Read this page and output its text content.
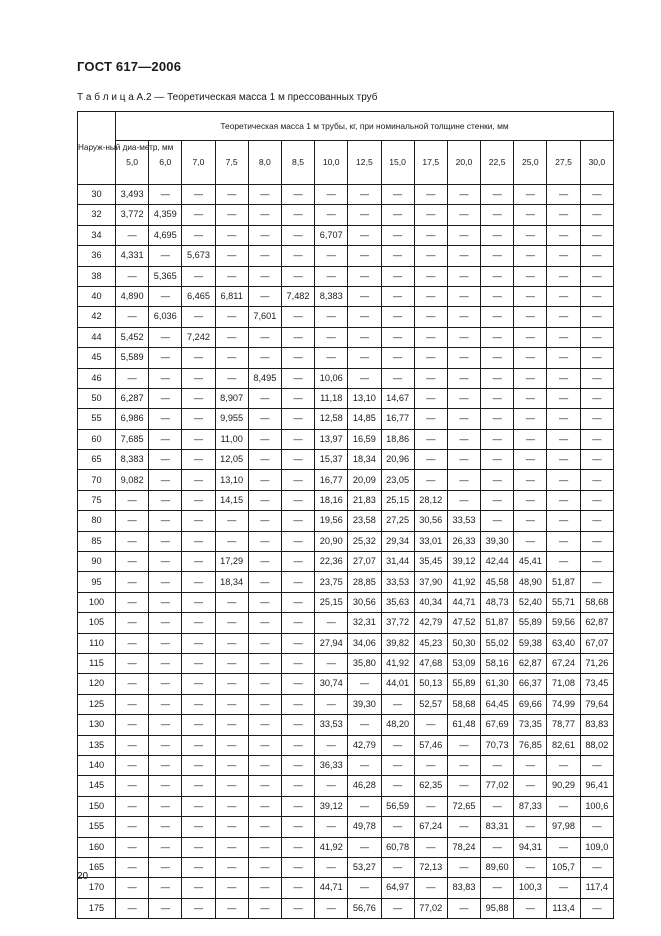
ГОСТ 617—2006
Т а б л и ц а А.2 — Теоретическая масса 1 м прессованных труб
Наруж-ный диа-метр, мм	Теоретическая масса 1 м трубы, кг, при номинальной толщине стенки, мм														
	5,0	6,0	7,0	7,5	8,0	8,5	10,0	12,5	15,0	17,5	20,0	22,5	25,0	27,5	30,0
30	3,493	—	—	—	—	—	—	—	—	—	—	—	—	—	—
32	3,772	4,359	—	—	—	—	—	—	—	—	—	—	—	—	—
34	—	4,695	—	—	—	—	6,707	—	—	—	—	—	—	—	—
36	4,331	—	5,673	—	—	—	—	—	—	—	—	—	—	—	—
38	—	5,365	—	—	—	—	—	—	—	—	—	—	—	—	—
40	4,890	—	6,465	6,811	—	7,482	8,383	—	—	—	—	—	—	—	—
42	—	6,036	—	—	7,601	—	—	—	—	—	—	—	—	—	—
44	5,452	—	7,242	—	—	—	—	—	—	—	—	—	—	—	—
45	5,589	—	—	—	—	—	—	—	—	—	—	—	—	—	—
46	—	—	—	—	8,495	—	10,06	—	—	—	—	—	—	—	—
50	6,287	—	—	8,907	—	—	11,18	13,10	14,67	—	—	—	—	—	—
55	6,986	—	—	9,955	—	—	12,58	14,85	16,77	—	—	—	—	—	—
60	7,685	—	—	11,00	—	—	13,97	16,59	18,86	—	—	—	—	—	—
65	8,383	—	—	12,05	—	—	15,37	18,34	20,96	—	—	—	—	—	—
70	9,082	—	—	13,10	—	—	16,77	20,09	23,05	—	—	—	—	—	—
75	—	—	—	14,15	—	—	18,16	21,83	25,15	28,12	—	—	—	—	—
80	—	—	—	—	—	—	19,56	23,58	27,25	30,56	33,53	—	—	—	—
85	—	—	—	—	—	—	20,90	25,32	29,34	33,01	26,33	39,30	—	—	—
90	—	—	—	17,29	—	—	22,36	27,07	31,44	35,45	39,12	42,44	45,41	—	—
95	—	—	—	18,34	—	—	23,75	28,85	33,53	37,90	41,92	45,58	48,90	51,87	—
100	—	—	—	—	—	—	25,15	30,56	35,63	40,34	44,71	48,73	52,40	55,71	58,68
105	—	—	—	—	—	—	—	32,31	37,72	42,79	47,52	51,87	55,89	59,56	62,87
110	—	—	—	—	—	—	27,94	34,06	39,82	45,23	50,30	55,02	59,38	63,40	67,07
115	—	—	—	—	—	—	—	35,80	41,92	47,68	53,09	58,16	62,87	67,24	71,26
120	—	—	—	—	—	—	30,74	—	44,01	50,13	55,89	61,30	66,37	71,08	73,45
125	—	—	—	—	—	—	—	39,30	—	52,57	58,68	64,45	69,66	74,99	79,64
130	—	—	—	—	—	—	33,53	—	48,20	—	61,48	67,69	73,35	78,77	83,83
135	—	—	—	—	—	—	—	42,79	—	57,46	—	70,73	76,85	82,61	88,02
140	—	—	—	—	—	—	36,33	—	—	—	—	—	—	—	—
145	—	—	—	—	—	—	—	46,28	—	62,35	—	77,02	—	90,29	96,41
150	—	—	—	—	—	—	39,12	—	56,59	—	72,65	—	87,33	—	100,6
155	—	—	—	—	—	—	—	49,78	—	67,24	—	83,31	—	97,98	—
160	—	—	—	—	—	—	41,92	—	60,78	—	78,24	—	94,31	—	109,0
165	—	—	—	—	—	—	—	53,27	—	72,13	—	89,60	—	105,7	—
170	—	—	—	—	—	—	44,71	—	64,97	—	83,83	—	100,3	—	117,4
175	—	—	—	—	—	—	—	56,76	—	77,02	—	95,88	—	113,4	—
20
